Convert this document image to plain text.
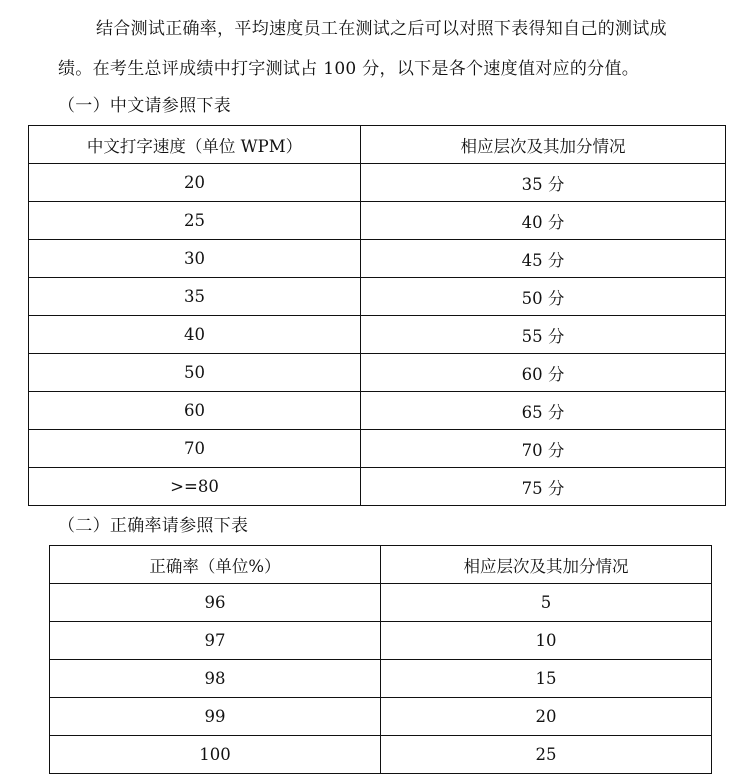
结合测试正确率，平均速度员工在测试之后可以对照下表得知自己的测试成
绩。在考生总评成绩中打字测试占 100 分，以下是各个速度值对应的分值。
（一）中文请参照下表
中文打字速度（单位 WPM）	相应层次及其加分情况
20	35 分
25	40 分
30	45 分
35	50 分
40	55 分
50	60 分
60	65 分
70	70 分
>=80	75 分
（二）正确率请参照下表
正确率（单位%）	相应层次及其加分情况
96	5
97	10
98	15
99	20
100	25
